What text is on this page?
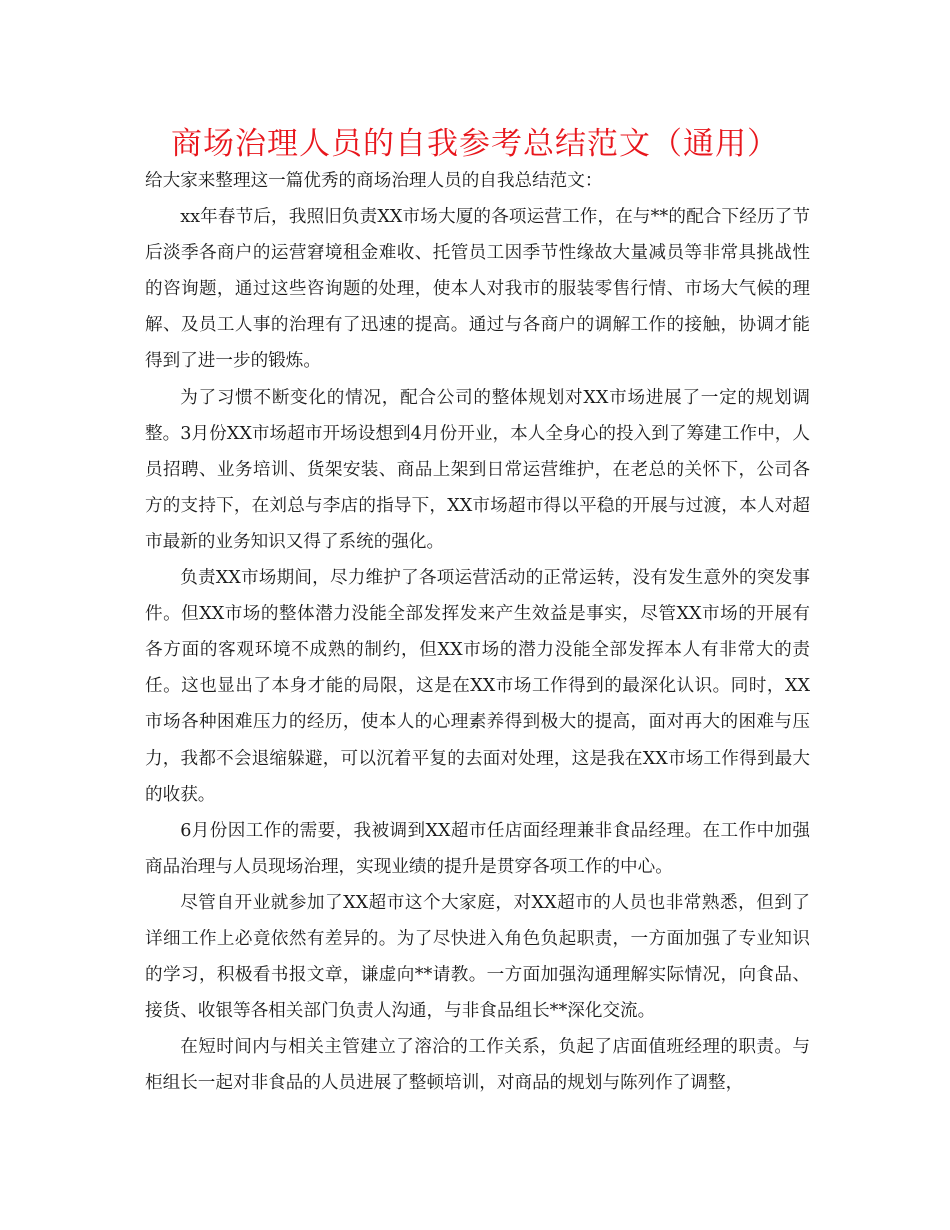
商场治理人员的自我参考总结范文（通用）

给大家来整理这一篇优秀的商场治理人员的自我总结范文：

xx年春节后，我照旧负责XX市场大厦的各项运营工作，在与**的配合下经历了节后淡季各商户的运营窘境租金难收、托管员工因季节性缘故大量减员等非常具挑战性的咨询题，通过这些咨询题的处理，使本人对我市的服装零售行情、市场大气候的理解、及员工人事的治理有了迅速的提高。通过与各商户的调解工作的接触，协调才能得到了进一步的锻炼。

为了习惯不断变化的情况，配合公司的整体规划对XX市场进展了一定的规划调整。3月份XX市场超市开场设想到4月份开业，本人全身心的投入到了筹建工作中，人员招聘、业务培训、货架安装、商品上架到日常运营维护，在老总的关怀下，公司各方的支持下，在刘总与李店的指导下，XX市场超市得以平稳的开展与过渡，本人对超市最新的业务知识又得了系统的强化。

负责XX市场期间，尽力维护了各项运营活动的正常运转，没有发生意外的突发事件。但XX市场的整体潜力没能全部发挥发来产生效益是事实，尽管XX市场的开展有各方面的客观环境不成熟的制约，但XX市场的潜力没能全部发挥本人有非常大的责任。这也显出了本身才能的局限，这是在XX市场工作得到的最深化认识。同时，XX市场各种困难压力的经历，使本人的心理素养得到极大的提高，面对再大的困难与压力，我都不会退缩躲避，可以沉着平复的去面对处理，这是我在XX市场工作得到最大的收获。

6月份因工作的需要，我被调到XX超市任店面经理兼非食品经理。在工作中加强商品治理与人员现场治理，实现业绩的提升是贯穿各项工作的中心。

尽管自开业就参加了XX超市这个大家庭，对XX超市的人员也非常熟悉，但到了详细工作上必竟依然有差异的。为了尽快进入角色负起职责，一方面加强了专业知识的学习，积极看书报文章，谦虚向**请教。一方面加强沟通理解实际情况，向食品、接货、收银等各相关部门负责人沟通，与非食品组长**深化交流。

在短时间内与相关主管建立了溶洽的工作关系，负起了店面值班经理的职责。与柜组长一起对非食品的人员进展了整顿培训，对商品的规划与陈列作了调整，
